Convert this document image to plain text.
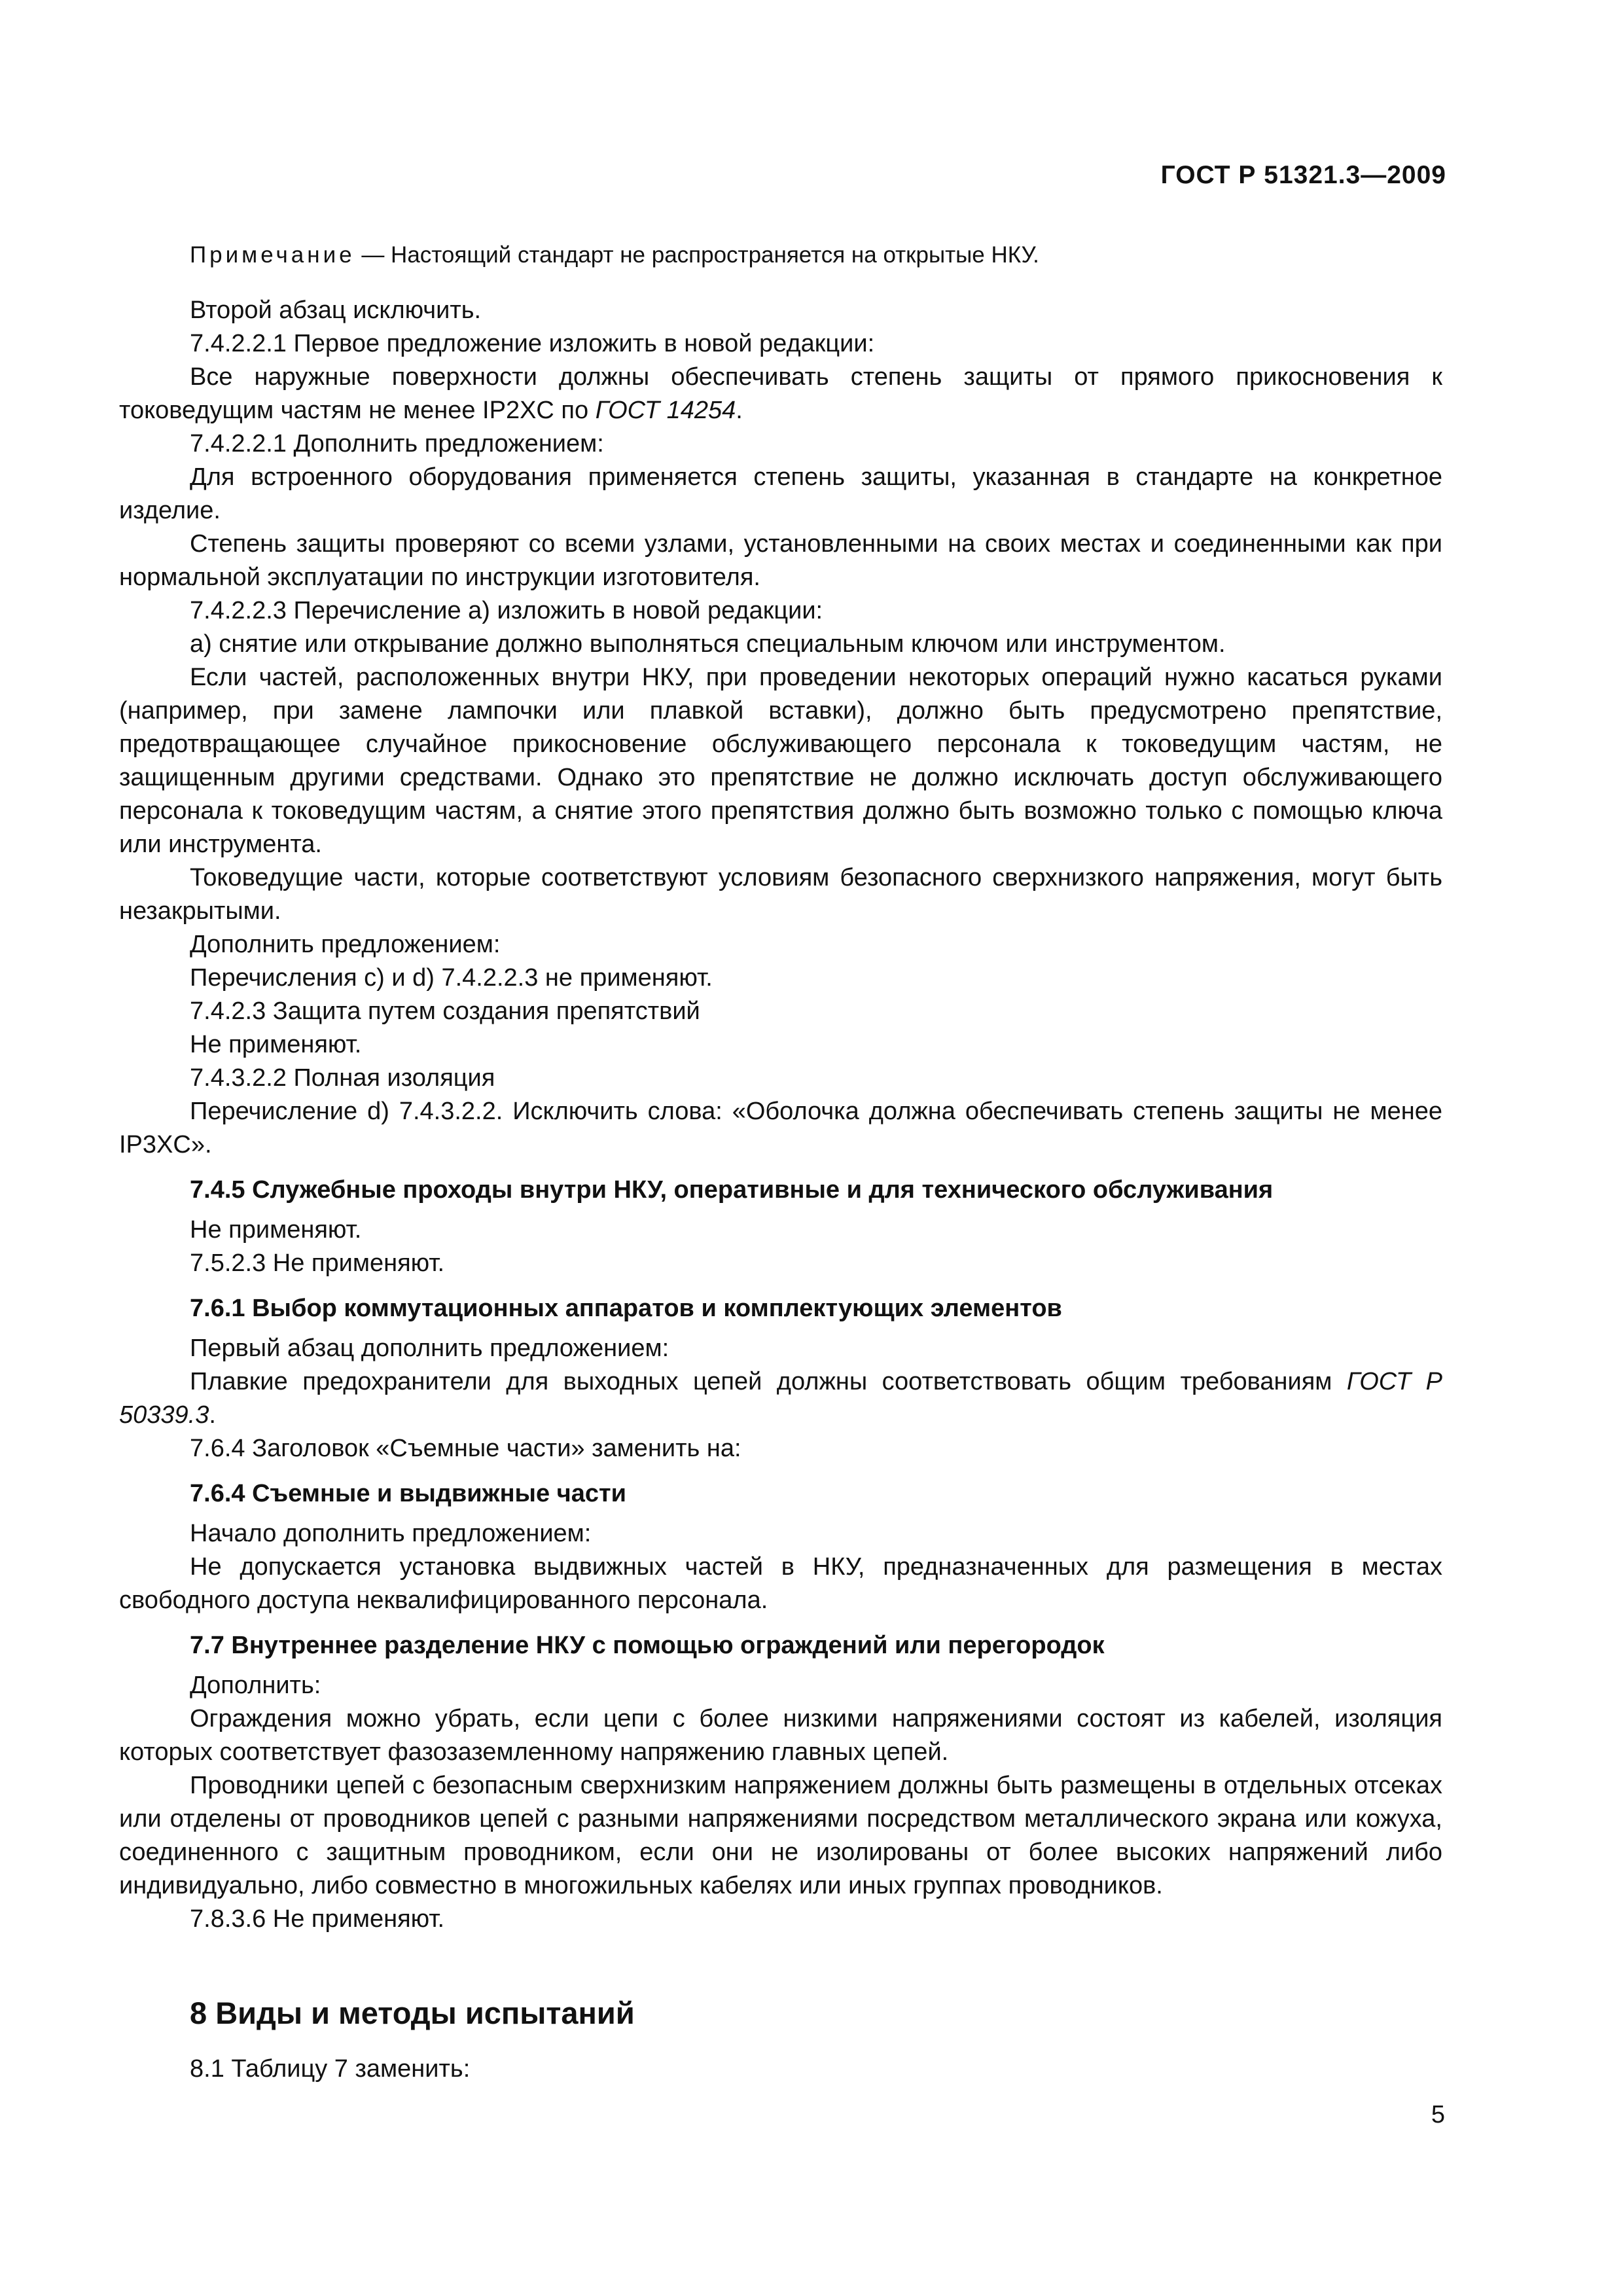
ГОСТ Р 51321.3—2009

Примечание — Настоящий стандарт не распространяется на открытые НКУ.

Второй абзац исключить.

7.4.2.2.1 Первое предложение изложить в новой редакции:

Все наружные поверхности должны обеспечивать степень защиты от прямого прикосновения к токоведущим частям не менее IP2XC по ГОСТ 14254.

7.4.2.2.1 Дополнить предложением:

Для встроенного оборудования применяется степень защиты, указанная в стандарте на конкретное изделие.

Степень защиты проверяют со всеми узлами, установленными на своих местах и соединенными как при нормальной эксплуатации по инструкции изготовителя.

7.4.2.2.3 Перечисление а) изложить в новой редакции:

а) снятие или открывание должно выполняться специальным ключом или инструментом.

Если частей, расположенных внутри НКУ, при проведении некоторых операций нужно касаться руками (например, при замене лампочки или плавкой вставки), должно быть предусмотрено препятствие, предотвращающее случайное прикосновение обслуживающего персонала к токоведущим частям, не защищенным другими средствами. Однако это препятствие не должно исключать доступ обслуживающего персонала к токоведущим частям, а снятие этого препятствия должно быть возможно только с помощью ключа или инструмента.

Токоведущие части, которые соответствуют условиям безопасного сверхнизкого напряжения, могут быть незакрытыми.

Дополнить предложением:

Перечисления с) и d) 7.4.2.2.3 не применяют.

7.4.2.3 Защита путем создания препятствий

Не применяют.

7.4.3.2.2 Полная изоляция

Перечисление d) 7.4.3.2.2. Исключить слова: «Оболочка должна обеспечивать степень защиты не менее IP3XC».

7.4.5 Служебные проходы внутри НКУ, оперативные и для технического обслуживания

Не применяют.

7.5.2.3 Не применяют.

7.6.1 Выбор коммутационных аппаратов и комплектующих элементов

Первый абзац дополнить предложением:

Плавкие предохранители для выходных цепей должны соответствовать общим требованиям ГОСТ Р 50339.3.

7.6.4 Заголовок «Съемные части» заменить на:

7.6.4 Съемные и выдвижные части

Начало дополнить предложением:

Не допускается установка выдвижных частей в НКУ, предназначенных для размещения в местах свободного доступа неквалифицированного персонала.

7.7 Внутреннее разделение НКУ с помощью ограждений или перегородок

Дополнить:

Ограждения можно убрать, если цепи с более низкими напряжениями состоят из кабелей, изоляция которых соответствует фазозаземленному напряжению главных цепей.

Проводники цепей с безопасным сверхнизким напряжением должны быть размещены в отдельных отсеках или отделены от проводников цепей с разными напряжениями посредством металлического экрана или кожуха, соединенного с защитным проводником, если они не изолированы от более высоких напряжений либо индивидуально, либо совместно в многожильных кабелях или иных группах проводников.

7.8.3.6 Не применяют.

8 Виды и методы испытаний

8.1 Таблицу 7 заменить:

5
